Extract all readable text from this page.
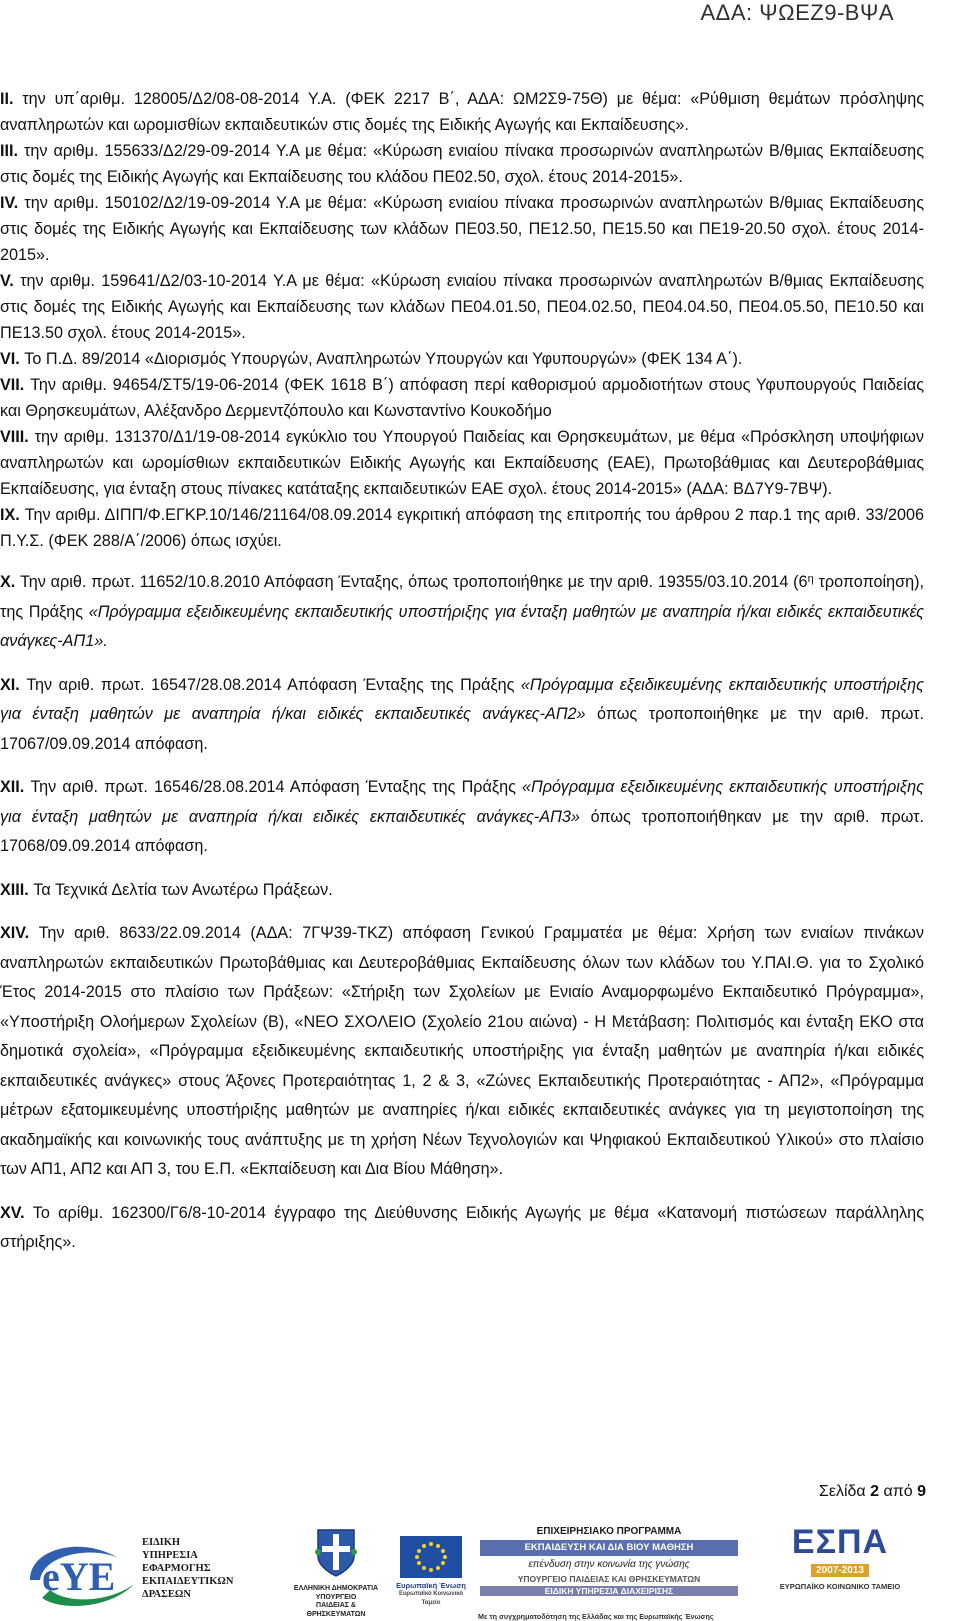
ΑΔΑ: ΨΩΕΖ9-ΒΨΑ

II. την υπ΄αριθμ. 128005/Δ2/08-08-2014 Υ.Α. (ΦΕΚ 2217 Β΄, ΑΔΑ: ΩΜ2Σ9-75Θ) με θέμα: «Ρύθμιση θεμάτων πρόσληψης αναπληρωτών και ωρομισθίων εκπαιδευτικών στις δομές της Ειδικής Αγωγής και Εκπαίδευσης».

III. την αριθμ. 155633/Δ2/29-09-2014 Υ.Α με θέμα: «Κύρωση ενιαίου πίνακα προσωρινών αναπληρωτών Β/θμιας Εκπαίδευσης στις δομές της Ειδικής Αγωγής και Εκπαίδευσης του κλάδου ΠΕ02.50, σχολ. έτους 2014-2015».

IV. την αριθμ. 150102/Δ2/19-09-2014 Υ.Α με θέμα: «Κύρωση ενιαίου πίνακα προσωρινών αναπληρωτών Β/θμιας Εκπαίδευσης στις δομές της Ειδικής Αγωγής και Εκπαίδευσης των κλάδων ΠΕ03.50, ΠΕ12.50, ΠΕ15.50 και ΠΕ19-20.50 σχολ. έτους 2014-2015».

V. την αριθμ. 159641/Δ2/03-10-2014 Υ.Α με θέμα: «Κύρωση ενιαίου πίνακα προσωρινών αναπληρωτών Β/θμιας Εκπαίδευσης στις δομές της Ειδικής Αγωγής και Εκπαίδευσης των κλάδων ΠΕ04.01.50, ΠΕ04.02.50, ΠΕ04.04.50, ΠΕ04.05.50, ΠΕ10.50 και ΠΕ13.50 σχολ. έτους 2014-2015».

VI. Το Π.Δ. 89/2014 «Διορισμός Υπουργών, Αναπληρωτών Υπουργών και Υφυπουργών» (ΦΕΚ 134 Α΄).

VII. Την αριθμ. 94654/ΣΤ5/19-06-2014 (ΦΕΚ 1618 Β΄) απόφαση περί καθορισμού αρμοδιοτήτων στους Υφυπουργούς Παιδείας και Θρησκευμάτων, Αλέξανδρο Δερμεντζόπουλο και Κωνσταντίνο Κουκοδήμο

VIII. την αριθμ. 131370/Δ1/19-08-2014 εγκύκλιο του Υπουργού Παιδείας και Θρησκευμάτων, με θέμα «Πρόσκληση υποψήφιων αναπληρωτών και ωρομίσθιων εκπαιδευτικών Ειδικής Αγωγής και Εκπαίδευσης (ΕΑΕ), Πρωτοβάθμιας και Δευτεροβάθμιας Εκπαίδευσης, για ένταξη στους πίνακες κατάταξης εκπαιδευτικών ΕΑΕ σχολ. έτους 2014-2015» (ΑΔΑ: ΒΔ7Υ9-7ΒΨ).

IX. Την αριθμ. ΔΙΠΠ/Φ.ΕΓΚΡ.10/146/21164/08.09.2014 εγκριτική απόφαση της επιτροπής του άρθρου 2 παρ.1 της αριθ. 33/2006 Π.Υ.Σ. (ΦΕΚ 288/Α΄/2006) όπως ισχύει.

X. Την αριθ. πρωτ. 11652/10.8.2010 Απόφαση Ένταξης, όπως τροποποιήθηκε με την αριθ. 19355/03.10.2014 ($6^\eta$ τροποποίηση), της Πράξης «Πρόγραμμα εξειδικευμένης εκπαιδευτικής υποστήριξης για ένταξη μαθητών με αναπηρία ή/και ειδικές εκπαιδευτικές ανάγκες-ΑΠ1».

XI. Την αριθ. πρωτ. 16547/28.08.2014 Απόφαση Ένταξης της Πράξης «Πρόγραμμα εξειδικευμένης εκπαιδευτικής υποστήριξης για ένταξη μαθητών με αναπηρία ή/και ειδικές εκπαιδευτικές ανάγκες-ΑΠ2» όπως τροποποιήθηκε με την αριθ. πρωτ. 17067/09.09.2014 απόφαση.

XII. Την αριθ. πρωτ. 16546/28.08.2014 Απόφαση Ένταξης της Πράξης «Πρόγραμμα εξειδικευμένης εκπαιδευτικής υποστήριξης για ένταξη μαθητών με αναπηρία ή/και ειδικές εκπαιδευτικές ανάγκες-ΑΠ3» όπως τροποποιήθηκαν με την αριθ. πρωτ. 17068/09.09.2014 απόφαση.

XIII. Τα Τεχνικά Δελτία των Ανωτέρω Πράξεων.

XIV. Την αριθ. 8633/22.09.2014 (ΑΔΑ: 7ΓΨ39-ΤΚΖ) απόφαση Γενικού Γραμματέα με θέμα: Χρήση των ενιαίων πινάκων αναπληρωτών εκπαιδευτικών Πρωτοβάθμιας και Δευτεροβάθμιας Εκπαίδευσης όλων των κλάδων του Υ.ΠΑΙ.Θ. για το Σχολικό Έτος 2014-2015 στο πλαίσιο των Πράξεων: «Στήριξη των Σχολείων με Ενιαίο Αναμορφωμένο Εκπαιδευτικό Πρόγραμμα», «Υποστήριξη Ολοήμερων Σχολείων (Β), «ΝΕΟ ΣΧΟΛΕΙΟ (Σχολείο 21ου αιώνα) - Η Μετάβαση: Πολιτισμός και ένταξη ΕΚΟ στα δημοτικά σχολεία», «Πρόγραμμα εξειδικευμένης εκπαιδευτικής υποστήριξης για ένταξη μαθητών με αναπηρία ή/και ειδικές εκπαιδευτικές ανάγκες» στους Άξονες Προτεραιότητας 1, 2 & 3, «Ζώνες Εκπαιδευτικής Προτεραιότητας - ΑΠ2», «Πρόγραμμα μέτρων εξατομικευμένης υποστήριξης μαθητών με αναπηρίες ή/και ειδικές εκπαιδευτικές ανάγκες για τη μεγιστοποίηση της ακαδημαϊκής και κοινωνικής τους ανάπτυξης με τη χρήση Νέων Τεχνολογιών και Ψηφιακού Εκπαιδευτικού Υλικού» στο πλαίσιο των ΑΠ1, ΑΠ2 και ΑΠ 3, του Ε.Π. «Εκπαίδευση και Δια Βίου Μάθηση».

XV. Το αρίθμ. 162300/Γ6/8-10-2014 έγγραφο της Διεύθυνσης Ειδικής Αγωγής με θέμα «Κατανομή πιστώσεων παράλληλης στήριξης».

Σελίδα 2 από 9
eYE
ΕΙΔΙΚΗ
ΥΠΗΡΕΣΙΑ
ΕΦΑΡΜΟΓΗΣ
ΕΚΠΑΙΔΕΥΤΙΚΩΝ
ΔΡΑΣΕΩΝ
ΕΛΛΗΝΙΚΗ ΔΗΜΟΚΡΑΤΙΑ
ΥΠΟΥΡΓΕΙΟ
ΠΑΙΔΕΙΑΣ & ΘΡΗΣΚΕΥΜΑΤΩΝ
Ευρωπαϊκή Ένωση
Ευρωπαϊκό Κοινωνικό Ταμείο
ΕΠΙΧΕΙΡΗΣΙΑΚΟ ΠΡΟΓΡΑΜΜΑ
ΕΚΠΑΙΔΕΥΣΗ ΚΑΙ ΔΙΑ ΒΙΟΥ ΜΑΘΗΣΗ
επένδυση στην κοινωνία της γνώσης
ΥΠΟΥΡΓΕΙΟ ΠΑΙΔΕΙΑΣ ΚΑΙ ΘΡΗΣΚΕΥΜΑΤΩΝ
ΕΙΔΙΚΗ ΥΠΗΡΕΣΙΑ ΔΙΑΧΕΙΡΙΣΗΣ
ΕΣΠΑ
2007-2013
ΕΥΡΩΠΑΪΚΟ ΚΟΙΝΩΝΙΚΟ ΤΑΜΕΙΟ
Με τη συγχρηματοδότηση της Ελλάδας και της Ευρωπαϊκής Ένωσης
